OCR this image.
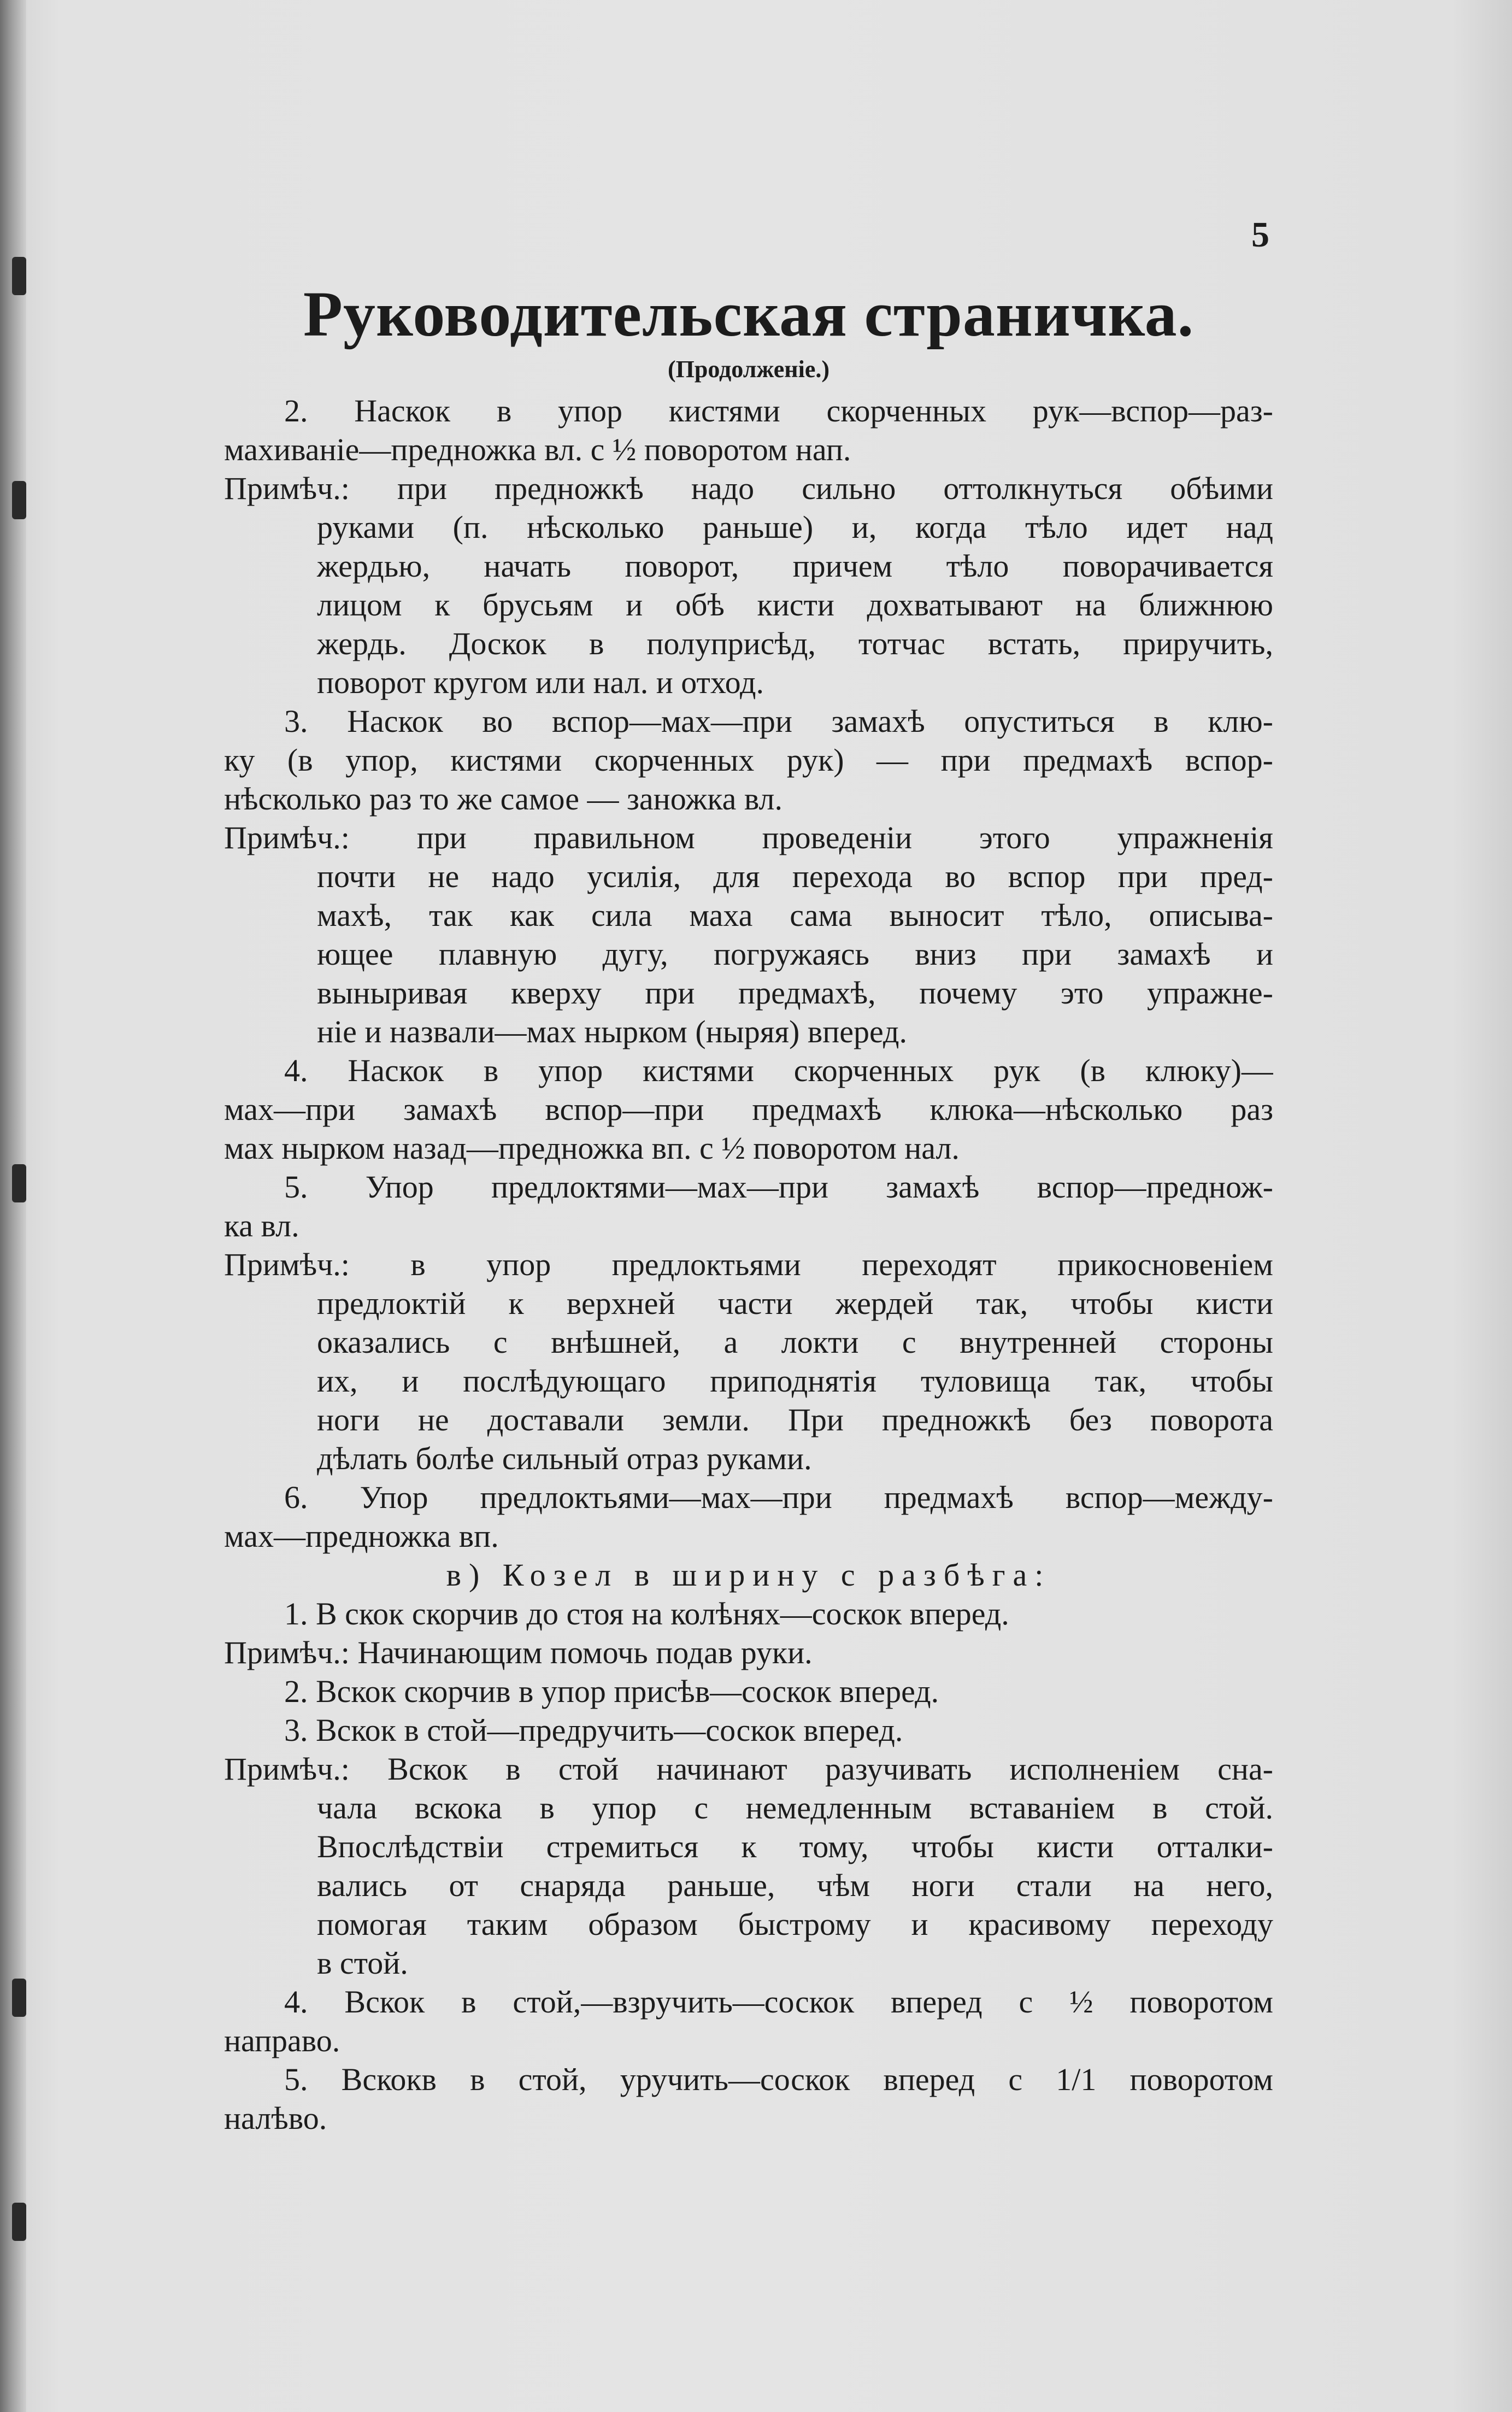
5
Руководительская страничка.
(Продолженіе.)
2. Наскок в упор кистями скорченных рук—вспор—раз-
махиваніе—предножка вл. с ½ поворотом нап.
Примѣч.: при предножкѣ надо сильно оттолкнуться обѣими
руками (п. нѣсколько раньше) и, когда тѣло идет над
жердью, начать поворот, причем тѣло поворачивается
лицом к брусьям и обѣ кисти дохватывают на ближнюю
жердь. Доскок в полуприсѣд, тотчас встать, приручить,
поворот кругом или нал. и отход.
3. Наскок во вспор—мах—при замахѣ опуститься в клю-
ку (в упор, кистями скорченных рук) — при предмахѣ вспор-
нѣсколько раз то же самое — заножка вл.
Примѣч.: при правильном проведеніи этого упражненія
почти не надо усилія, для перехода во вспор при пред-
махѣ, так как сила маха сама выносит тѣло, описыва-
ющее плавную дугу, погружаясь вниз при замахѣ и
выныривая кверху при предмахѣ, почему это упражне-
ніе и назвали—мах нырком (ныряя) вперед.
4. Наскок в упор кистями скорченных рук (в клюку)—
мах—при замахѣ вспор—при предмахѣ клюка—нѣсколько раз
мах нырком назад—предножка вп. с ½ поворотом нал.
5. Упор предлоктями—мах—при замахѣ вспор—преднож-
ка вл.
Примѣч.: в упор предлоктьями переходят прикосновеніем
предлоктій к верхней части жердей так, чтобы кисти
оказались с внѣшней, а локти с внутренней стороны
их, и послѣдующаго приподнятія туловища так, чтобы
ноги не доставали земли. При предножкѣ без поворота
дѣлать болѣе сильный отраз руками.
6. Упор предлоктьями—мах—при предмахѣ вспор—между-
мах—предножка вп.
в) Козел в ширину с разбѣга:
1. В скок скорчив до стоя на колѣнях—соскок вперед.
Примѣч.: Начинающим помочь подав руки.
2. Вскок скорчив в упор присѣв—соскок вперед.
3. Вскок в стой—предручить—соскок вперед.
Примѣч.: Вскок в стой начинают разучивать исполненіем сна-
чала вскока в упор с немедленным вставаніем в стой.
Впослѣдствіи стремиться к тому, чтобы кисти отталки-
вались от снаряда раньше, чѣм ноги стали на него,
помогая таким образом быстрому и красивому переходу
в стой.
4. Вскок в стой,—взручить—соскок вперед с ½ поворотом
направо.
5. Вскокв в стой, уручить—соскок вперед с 1/1 поворотом
налѣво.
